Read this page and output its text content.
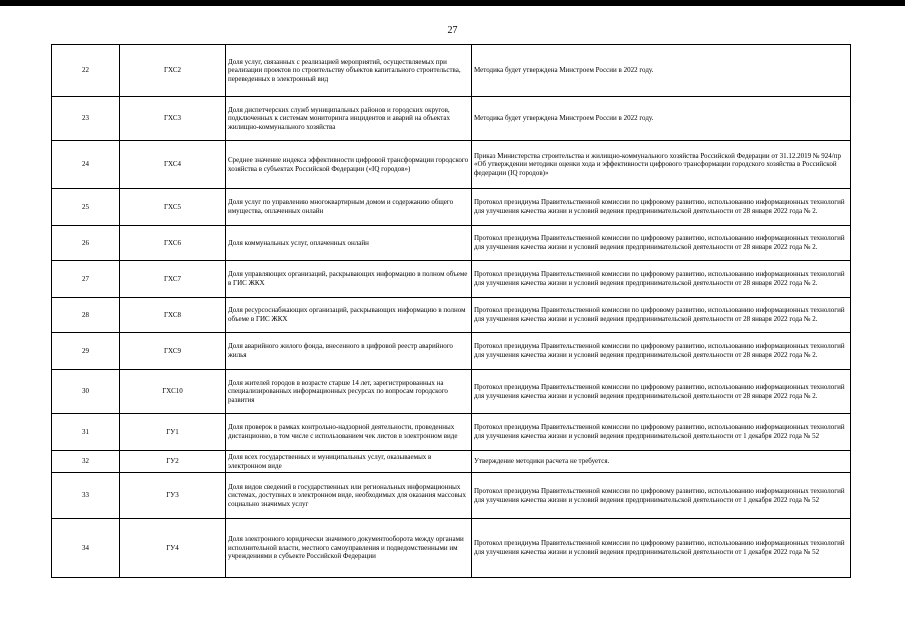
27
22	ГХС2	Доля услуг, связанных с реализацией мероприятий, осуществляемых при реализации проектов по строительству объектов капитального строительства, переведенных в электронный вид	Методика будет утверждена Минстроем России в 2022 году.
23	ГХС3	Доля диспетчерских служб муниципальных районов и городских округов, подключенных к системам мониторинга инцидентов и аварий на объектах жилищно-коммунального хозяйства	Методика будет утверждена Минстроем России в 2022 году.
24	ГХС4	Среднее значение индекса эффективности цифровой трансформации городского хозяйства в субъектах Российской Федерации («IQ городов»)	Приказ Министерства строительства и жилищно-коммунального хозяйства Российской Федерации от 31.12.2019 № 924/пр «Об утверждении методики оценки хода и эффективности цифрового трансформации городского хозяйства в Российской федерации (IQ городов)»
25	ГХС5	Доля услуг по управлению многоквартирным домом и содержанию общего имущества, оплаченных онлайн	Протокол президиума Правительственной комиссии по цифровому развитию, использованию информационных технологий для улучшения качества жизни и условий ведения предпринимательской деятельности от 28 января 2022 года № 2.
26	ГХС6	Доля коммунальных услуг, оплаченных онлайн	Протокол президиума Правительственной комиссии по цифровому развитию, использованию информационных технологий для улучшения качества жизни и условий ведения предпринимательской деятельности от 28 января 2022 года № 2.
27	ГХС7	Доля управляющих организаций, раскрывающих информацию в полном объеме в ГИС ЖКХ	Протокол президиума Правительственной комиссии по цифровому развитию, использованию информационных технологий для улучшения качества жизни и условий ведения предпринимательской деятельности от 28 января 2022 года № 2.
28	ГХС8	Доля ресурсоснабжающих организаций, раскрывающих информацию в полном объеме в ГИС ЖКХ	Протокол президиума Правительственной комиссии по цифровому развитию, использованию информационных технологий для улучшения качества жизни и условий ведения предпринимательской деятельности от 28 января 2022 года № 2.
29	ГХС9	Доля аварийного жилого фонда, внесенного в цифровой реестр аварийного жилья	Протокол президиума Правительственной комиссии по цифровому развитию, использованию информационных технологий для улучшения качества жизни и условий ведения предпринимательской деятельности от 28 января 2022 года № 2.
30	ГХС10	Доля жителей городов в возрасте старше 14 лет, зарегистрированных на специализированных информационных ресурсах по вопросам городского развития	Протокол президиума Правительственной комиссии по цифровому развитию, использованию информационных технологий для улучшения качества жизни и условий ведения предпринимательской деятельности от 28 января 2022 года № 2.
31	ГУ1	Доля проверок в рамках контрольно-надзорной деятельности, проведенных дистанционно, в том числе с использованием чек листов в электронном виде	Протокол президиума Правительственной комиссии по цифровому развитию, использованию информационных технологий для улучшения качества жизни и условий ведения предпринимательской деятельности от 1 декабря 2022 года № 52
32	ГУ2	Доля всех государственных и муниципальных услуг, оказываемых в электронном виде	Утверждение методики расчета не требуется.
33	ГУ3	Доля видов сведений в государственных или региональных информационных системах, доступных в электронном виде, необходимых для оказания массовых социально значимых услуг	Протокол президиума Правительственной комиссии по цифровому развитию, использованию информационных технологий для улучшения качества жизни и условий ведения предпринимательской деятельности от 1 декабря 2022 года № 52
34	ГУ4	Доля электронного юридически значимого документооборота между органами исполнительной власти, местного самоуправления и подведомственными им учреждениями в субъекте Российской Федерации	Протокол президиума Правительственной комиссии по цифровому развитию, использованию информационных технологий для улучшения качества жизни и условий ведения предпринимательской деятельности от 1 декабря 2022 года № 52
